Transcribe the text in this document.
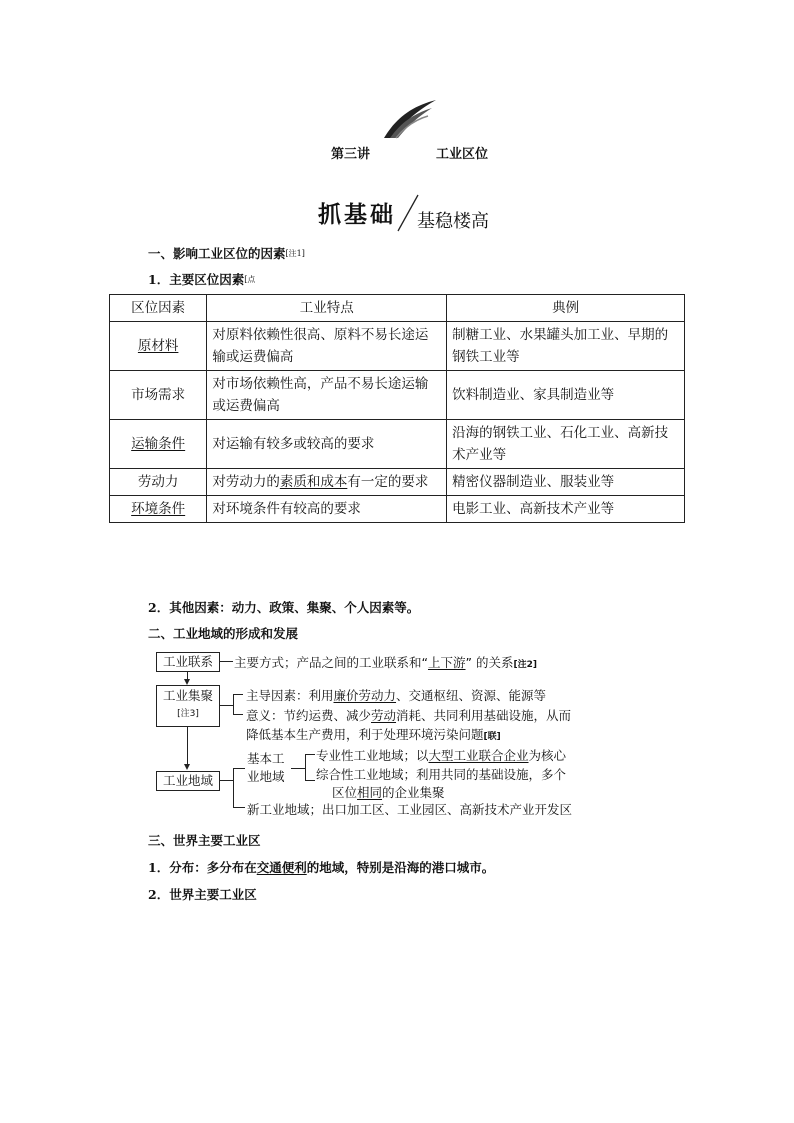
第三讲	工业区位
抓基础 基稳楼高
一、影响工业区位的因素[注1]
1．主要区位因素[点
区位因素	工业特点	典例
原材料	对原料依赖性很高、原料不易长途运输或运费偏高	制糖工业、水果罐头加工业、早期的钢铁工业等
市场需求	对市场依赖性高，产品不易长途运输或运费偏高	饮料制造业、家具制造业等
运输条件	对运输有较多或较高的要求	沿海的钢铁工业、石化工业、高新技术产业等
劳动力	对劳动力的素质和成本有一定的要求	精密仪器制造业、服装业等
环境条件	对环境条件有较高的要求	电影工业、高新技术产业等
2．其他因素：动力、政策、集聚、个人因素等。
二、工业地域的形成和发展
工业联系
工业集聚
[注3]
工业地域
主要方式；产品之间的工业联系和“上下游” 的关系[注2]
主导因素：利用廉价劳动力、交通枢纽、资源、能源等
意义：节约运费、减少劳动消耗、共同利用基础设施，从而
降低基本生产费用，利于处理环境污染问题[联]
基本工
业地域
专业性工业地域；以大型工业联合企业为核心
综合性工业地域；利用共同的基础设施，多个
区位相同的企业集聚
新工业地域；出口加工区、工业园区、高新技术产业开发区
三、世界主要工业区
1．分布：多分布在交通便利的地域，特别是沿海的港口城市。
2．世界主要工业区
